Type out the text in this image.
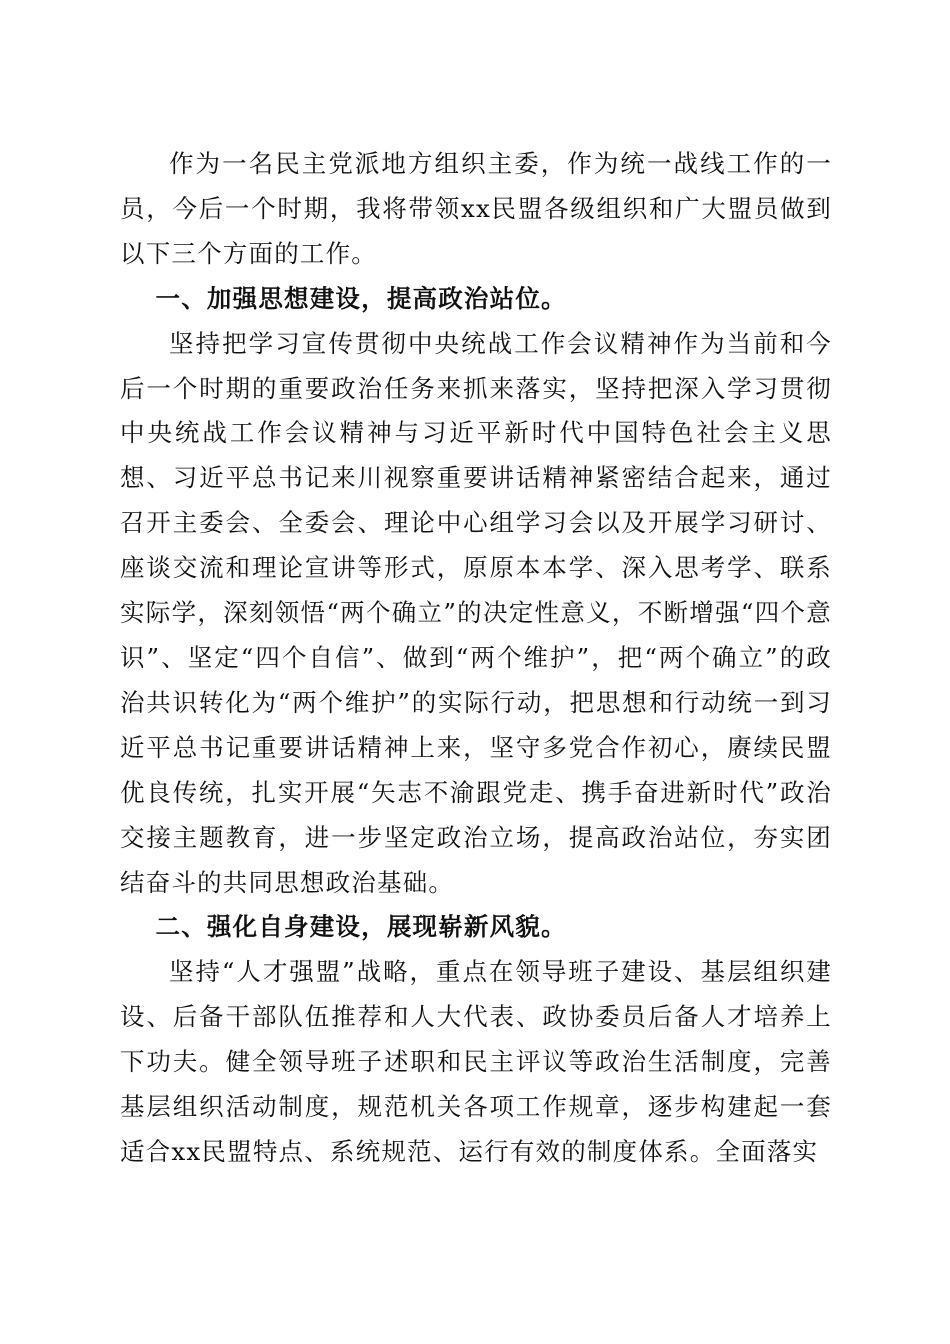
作为一名民主党派地方组织主委，作为统一战线工作的一员，今后一个时期，我将带领xx民盟各级组织和广大盟员做到以下三个方面的工作。

一、加强思想建设，提高政治站位。

坚持把学习宣传贯彻中央统战工作会议精神作为当前和今后一个时期的重要政治任务来抓来落实，坚持把深入学习贯彻中央统战工作会议精神与习近平新时代中国特色社会主义思想、习近平总书记来川视察重要讲话精神紧密结合起来，通过召开主委会、全委会、理论中心组学习会以及开展学习研讨、座谈交流和理论宣讲等形式，原原本本学、深入思考学、联系实际学，深刻领悟“两个确立”的决定性意义，不断增强“四个意识”、坚定“四个自信”、做到“两个维护”，把“两个确立”的政治共识转化为“两个维护”的实际行动，把思想和行动统一到习近平总书记重要讲话精神上来，坚守多党合作初心，赓续民盟优良传统，扎实开展“矢志不渝跟党走、携手奋进新时代”政治交接主题教育，进一步坚定政治立场，提高政治站位，夯实团结奋斗的共同思想政治基础。

二、强化自身建设，展现崭新风貌。

坚持“人才强盟”战略，重点在领导班子建设、基层组织建设、后备干部队伍推荐和人大代表、政协委员后备人才培养上下功夫。健全领导班子述职和民主评议等政治生活制度，完善基层组织活动制度，规范机关各项工作规章，逐步构建起一套适合xx民盟特点、系统规范、运行有效的制度体系。全面落实
